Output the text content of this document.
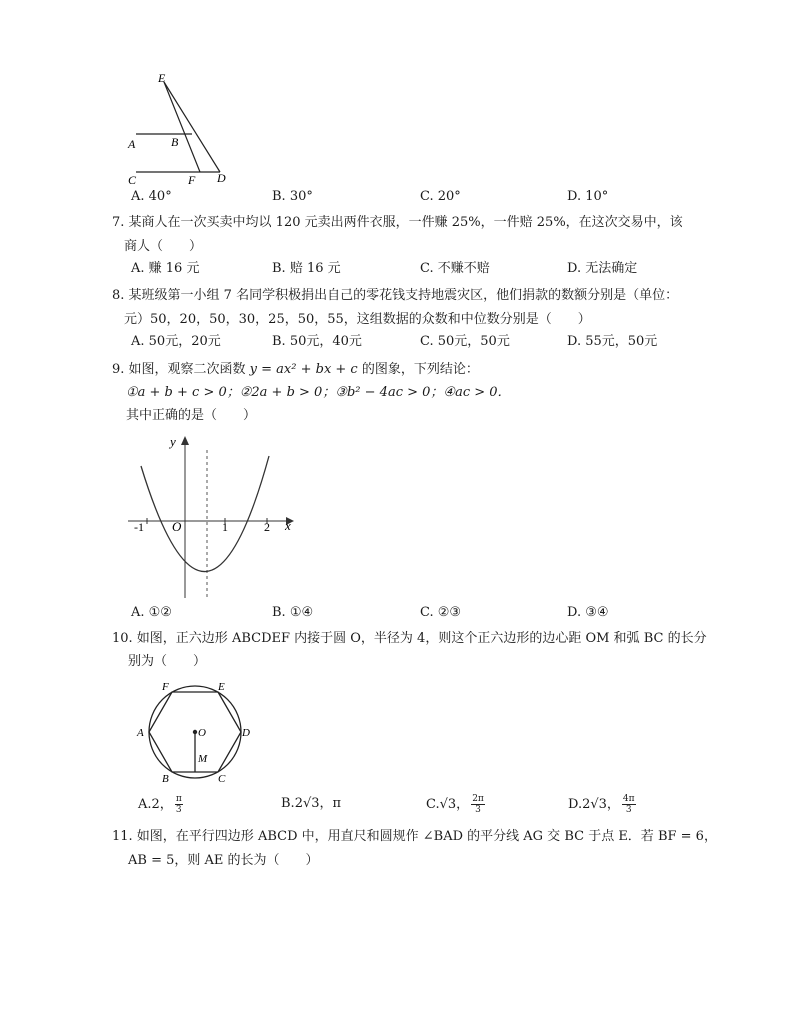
E
A	B
C	F D
A. 40°	B. 30°	C. 20°	D. 10°
7. 某商人在一次买卖中均以 120 元卖出两件衣服，一件赚 25%，一件赔 25%，在这次交易中，该
商人（　　）
A. 赚 16 元	B. 赔 16 元	C. 不赚不赔	D. 无法确定
8. 某班级第一小组 7 名同学积极捐出自己的零花钱支持地震灾区，他们捐款的数额分别是（单位：
元）50，20，50，30，25，50，55，这组数据的众数和中位数分别是（　　）
A. 50元，20元	B. 50元，40元	C. 50元，50元	D. 55元，50元
9. 如图，观察二次函数 y = ax² + bx + c 的图象，下列结论：
①a + b + c > 0；②2a + b > 0；③b² − 4ac > 0；④ac > 0．
其中正确的是（　　）
y
x
O
-1	1	2
A. ①②	B. ①④	C. ②③	D. ③④
10. 如图，正六边形 ABCDEF 内接于圆 O，半径为 4，则这个正六边形的边心距 OM 和弧 BC 的长分
别为（　　）
F	E
A	D
B	C
O
M
A. 2， $\frac{\pi}{3}$	B. 2√3，π	C. √3， $\frac{2\pi}{3}$	D. 2√3， $\frac{4\pi}{3}$
11. 如图，在平行四边形 ABCD 中，用直尺和圆规作 ∠BAD 的平分线 AG 交 BC 于点 E．若 BF = 6，
AB = 5，则 AE 的长为（　　）
